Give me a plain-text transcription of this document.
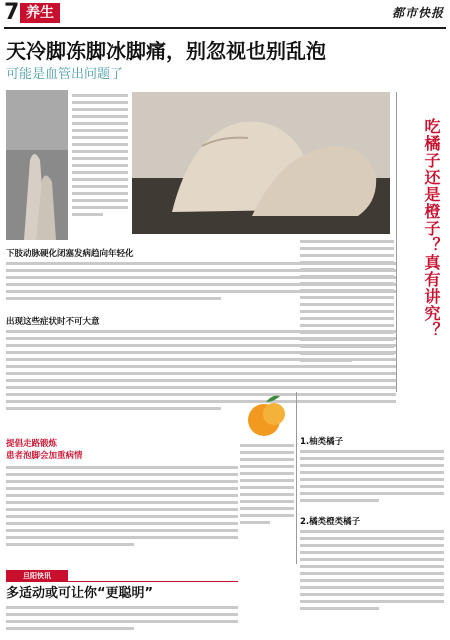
7 养生	都市快报
天冷脚冻脚冰脚痛，别忽视也别乱泡
可能是血管出问题了
下肢动脉硬化闭塞发病趋向年轻化
出现这些症状时不可大意
提倡走路锻炼
患者泡脚会加重病情
吃橘子还是橙子？真有讲究？
1.柚类橘子
2.橘类橙类橘子
旦阳快讯
多适动或可让你“更聪明”
